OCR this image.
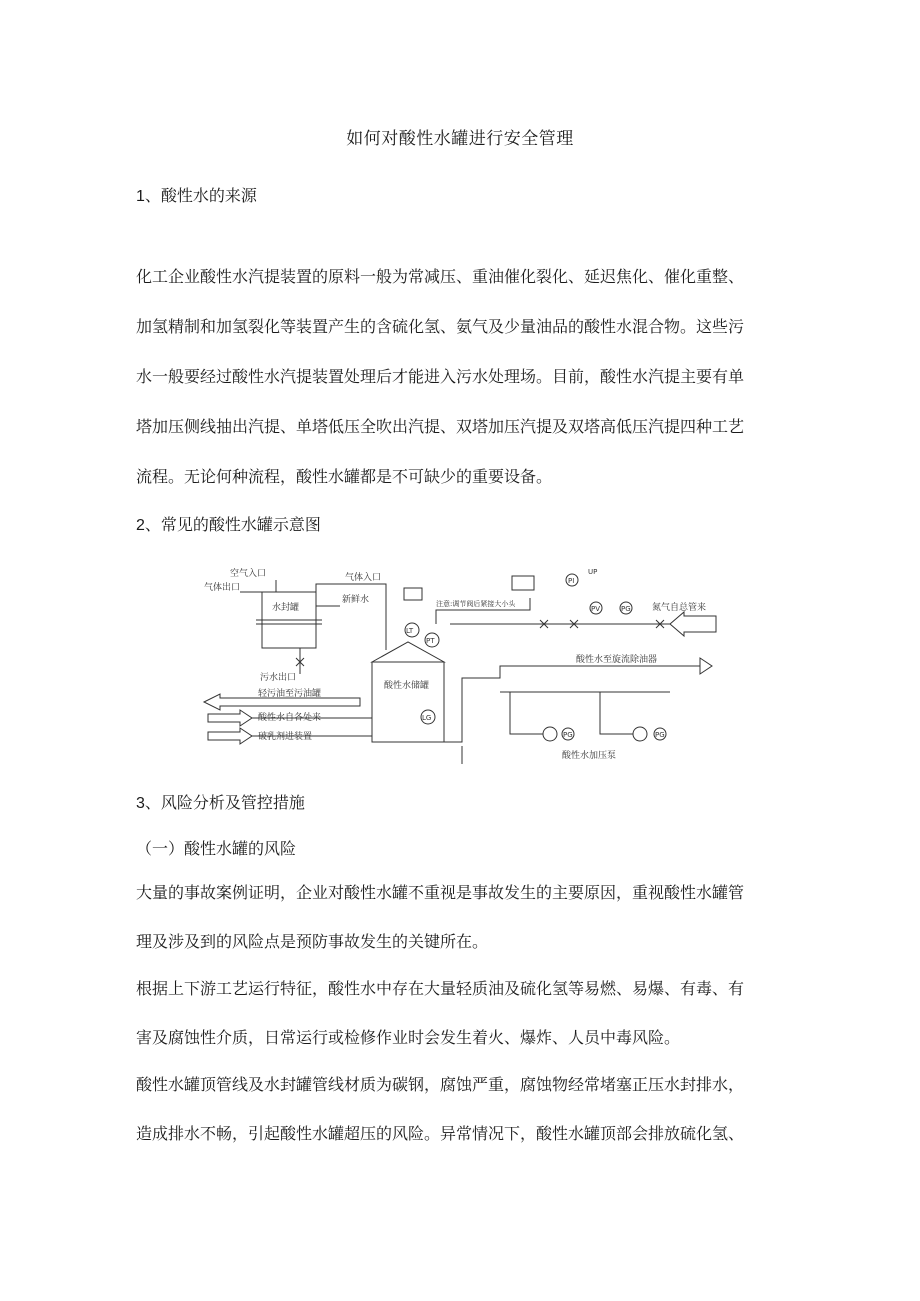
如何对酸性水罐进行安全管理
1、酸性水的来源
化工企业酸性水汽提装置的原料一般为常减压、重油催化裂化、延迟焦化、催化重整、
加氢精制和加氢裂化等装置产生的含硫化氢、氨气及少量油品的酸性水混合物。这些污
水一般要经过酸性水汽提装置处理后才能进入污水处理场。目前，酸性水汽提主要有单
塔加压侧线抽出汽提、单塔低压全吹出汽提、双塔加压汽提及双塔高低压汽提四种工艺
流程。无论何种流程，酸性水罐都是不可缺少的重要设备。
2、常见的酸性水罐示意图
水封罐
空气入口
气体出口
污水出口
新鲜水
气体入口
酸性水储罐
LG
LT
PT
轻污油至污油罐
酸性水自各处来
破乳剂进装置
注意:调节阀后紧接大小头
PI
UP
PV	PG 氮气自总管来
酸性水至旋流除油器
PG	PG
酸性水加压泵
3、风险分析及管控措施
（一）酸性水罐的风险
大量的事故案例证明，企业对酸性水罐不重视是事故发生的主要原因，重视酸性水罐管
理及涉及到的风险点是预防事故发生的关键所在。
根据上下游工艺运行特征，酸性水中存在大量轻质油及硫化氢等易燃、易爆、有毒、有
害及腐蚀性介质，日常运行或检修作业时会发生着火、爆炸、人员中毒风险。
酸性水罐顶管线及水封罐管线材质为碳钢，腐蚀严重，腐蚀物经常堵塞正压水封排水，
造成排水不畅，引起酸性水罐超压的风险。异常情况下，酸性水罐顶部会排放硫化氢、
